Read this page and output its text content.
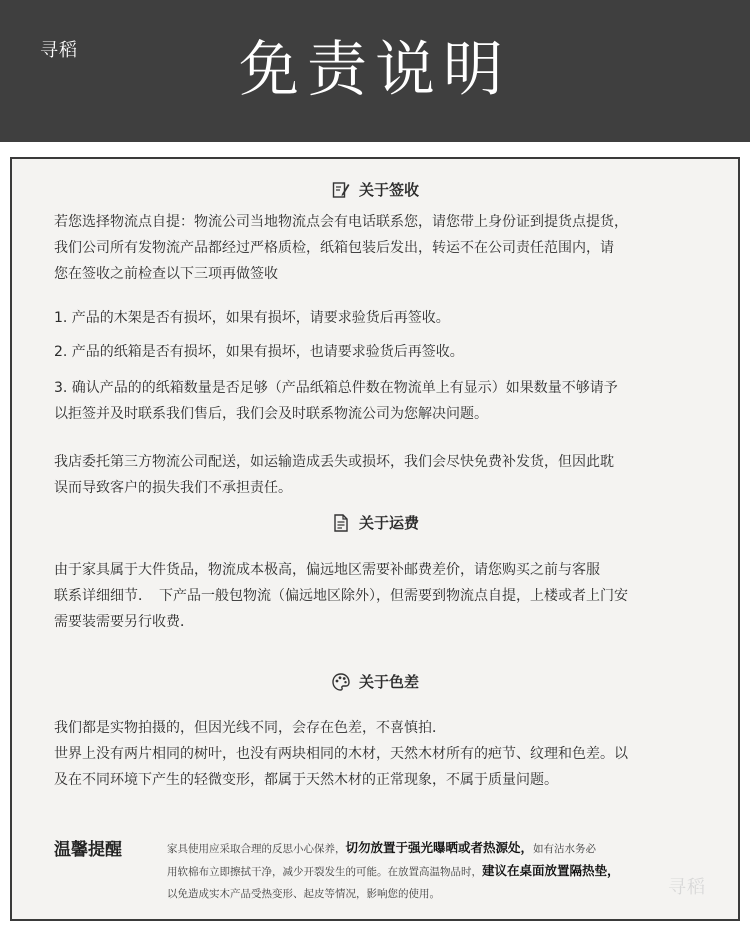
寻稻	免责说明
关于签收
若您选择物流点自提：物流公司当地物流点会有电话联系您，请您带上身份证到提货点提货，
我们公司所有发物流产品都经过严格质检，纸箱包装后发出，转运不在公司责任范围内，请
您在签收之前检查以下三项再做签收
1. 产品的木架是否有损坏，如果有损坏，请要求验货后再签收。
2. 产品的纸箱是否有损坏，如果有损坏，也请要求验货后再签收。
3. 确认产品的的纸箱数量是否足够（产品纸箱总件数在物流单上有显示）如果数量不够请予
以拒签并及时联系我们售后，我们会及时联系物流公司为您解决问题。
我店委托第三方物流公司配送，如运输造成丢失或损坏，我们会尽快免费补发货，但因此耽
误而导致客户的损失我们不承担责任。
关于运费
由于家具属于大件货品，物流成本极高，偏远地区需要补邮费差价，请您购买之前与客服
联系详细细节．　下产品一般包物流（偏远地区除外），但需要到物流点自提，上楼或者上门安
需要装需要另行收费．
关于色差
我们都是实物拍摄的，但因光线不同，会存在色差，不喜慎拍．
世界上没有两片相同的树叶，也没有两块相同的木材，天然木材所有的疤节、纹理和色差。以
及在不同环境下产生的轻微变形，都属于天然木材的正常现象，不属于质量问题。
温馨提醒	家具使用应采取合理的反思小心保养，切勿放置于强光曝晒或者热源处，如有沾水务必
用软棉布立即擦拭干净，减少开裂发生的可能。在放置高温物品时，建议在桌面放置隔热垫，
以免造成实木产品受热变形、起皮等情况，影响您的使用。	寻稻
